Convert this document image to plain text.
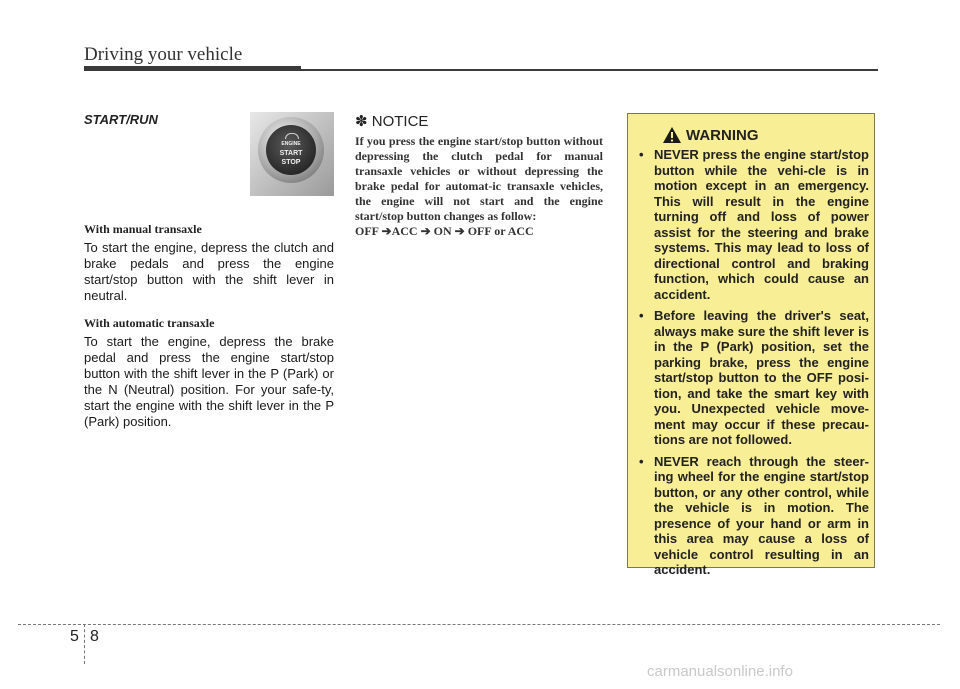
Driving your vehicle
START/RUN
ENGINE
START
STOP

With manual transaxle

To start the engine, depress the clutch and brake pedals and press the engine start/stop button with the shift lever in neutral.

With automatic transaxle

To start the engine, depress the brake pedal and press the engine start/stop button with the shift lever in the P (Park) or the N (Neutral) position. For your safe-ty, start the engine with the shift lever in the P (Park) position.

✽ NOTICE

If you press the engine start/stop button without depressing the clutch pedal for manual transaxle vehicles or without depressing the brake pedal for automat-ic transaxle vehicles, the engine will not start and the engine start/stop button changes as follow:

OFF ➔ACC ➔ ON ➔ OFF or ACC

WARNING
• NEVER press the engine start/stop button while the vehi-cle is in motion except in an emergency. This will result in the engine turning off and loss of power assist for the steering and brake systems. This may lead to loss of directional control and braking function, which could cause an accident.
• Before leaving the driver's seat, always make sure the shift lever is in the P (Park) position, set the parking brake, press the engine start/stop button to the OFF posi-tion, and take the smart key with you. Unexpected vehicle move-ment may occur if these precau-tions are not followed.
• NEVER reach through the steer-ing wheel for the engine start/stop button, or any other control, while the vehicle is in motion. The presence of your hand or arm in this area may cause a loss of vehicle control resulting in an accident.
5 8
carmanualsonline.info
